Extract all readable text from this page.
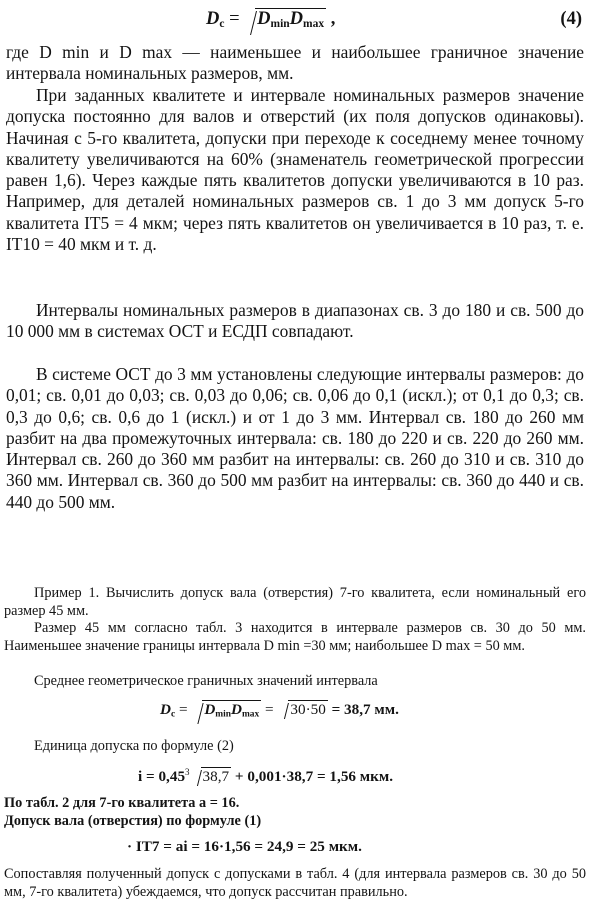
$D_c = D_{min}D_{max}$ ,	(4)

где D min и D max — наименьшее и наибольшее граничное значение интервала номинальных размеров, мм.

При заданных квалитете и интервале номинальных размеров значение допуска постоянно для валов и отверстий (их поля допусков одинаковы). Начиная с 5-го квалитета, допуски при переходе к соседнему менее точному квалитету увеличиваются на 60% (знаменатель геометрической прогрессии равен 1,6). Через каждые пять квалитетов допуски увеличиваются в 10 раз. Например, для деталей номинальных размеров св. 1 до 3 мм допуск 5-го квалитета IT5 = 4 мкм; через пять квалитетов он увеличивается в 10 раз, т. е. IT10 = 40 мкм и т. д.

Интервалы номинальных размеров в диапазонах св. 3 до 180 и св. 500 до 10 000 мм в системах ОСТ и ЕСДП совпадают.

В системе ОСТ до 3 мм установлены следующие интервалы размеров: до 0,01; св. 0,01 до 0,03; св. 0,03 до 0,06; св. 0,06 до 0,1 (искл.); от 0,1 до 0,3; св. 0,3 до 0,6; св. 0,6 до 1 (искл.) и от 1 до 3 мм. Интервал св. 180 до 260 мм разбит на два промежуточных интервала: св. 180 до 220 и св. 220 до 260 мм. Интервал св. 260 до 360 мм разбит на интервалы: св. 260 до 310 и св. 310 до 360 мм. Интервал св. 360 до 500 мм разбит на интервалы: св. 360 до 440 и св. 440 до 500 мм.

Пример 1. Вычислить допуск вала (отверстия) 7-го квалитета, если номинальный его размер 45 мм.

Размер 45 мм согласно табл. 3 находится в интервале размеров св. 30 до 50 мм. Наименьшее значение границы интервала D min =30 мм; наибольшее D max = 50 мм.

Среднее геометрическое граничных значений интервала

$D_c = D_{min}D_{max} = 30\cdot 50 = 38,7$ мм.

Единица допуска по формуле (2)

$i = 0,45^3$ 38,7 + 0,001·38,7 = 1,56 мкм.

По табл. 2 для 7-го квалитета a = 16.

Допуск вала (отверстия) по формуле (1)

· IT7 = ai = 16·1,56 = 24,9 = 25 мкм.

Сопоставляя полученный допуск с допусками в табл. 4 (для интервала размеров св. 30 до 50 мм, 7-го квалитета) убеждаемся, что допуск рассчитан правильно.
